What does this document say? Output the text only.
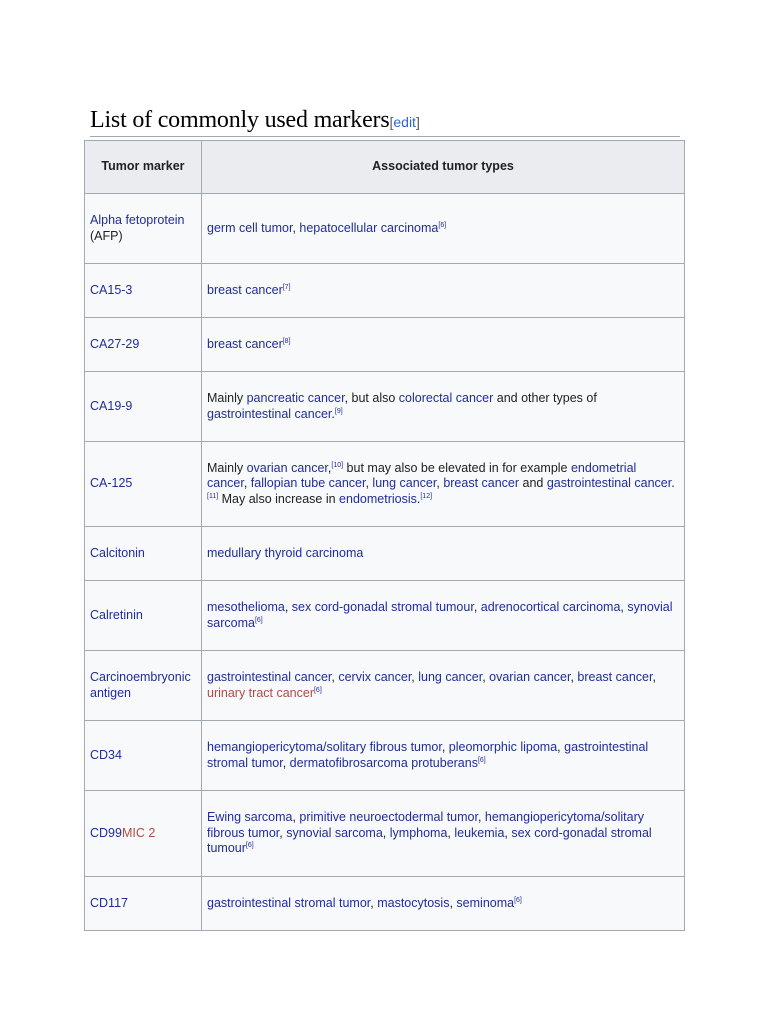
List of commonly used markers[edit]
Tumor marker	Associated tumor types
Alpha fetoprotein (AFP)	germ cell tumor, hepatocellular carcinoma[6]
CA15-3	breast cancer[7]
CA27-29	breast cancer[8]
CA19-9	Mainly pancreatic cancer, but also colorectal cancer and other types of gastrointestinal cancer.[9]
CA-125	Mainly ovarian cancer,[10] but may also be elevated in for example endometrial cancer, fallopian tube cancer, lung cancer, breast cancer and gastrointestinal cancer.[11] May also increase in endometriosis.[12]
Calcitonin	medullary thyroid carcinoma
Calretinin	mesothelioma, sex cord-gonadal stromal tumour, adrenocortical carcinoma, synovial sarcoma[6]
Carcinoembryonic antigen	gastrointestinal cancer, cervix cancer, lung cancer, ovarian cancer, breast cancer, urinary tract cancer[6]
CD34	hemangiopericytoma/solitary fibrous tumor, pleomorphic lipoma, gastrointestinal stromal tumor, dermatofibrosarcoma protuberans[6]
CD99MIC 2	Ewing sarcoma, primitive neuroectodermal tumor, hemangiopericytoma/solitary fibrous tumor, synovial sarcoma, lymphoma, leukemia, sex cord-gonadal stromal tumour[6]
CD117	gastrointestinal stromal tumor, mastocytosis, seminoma[6]
